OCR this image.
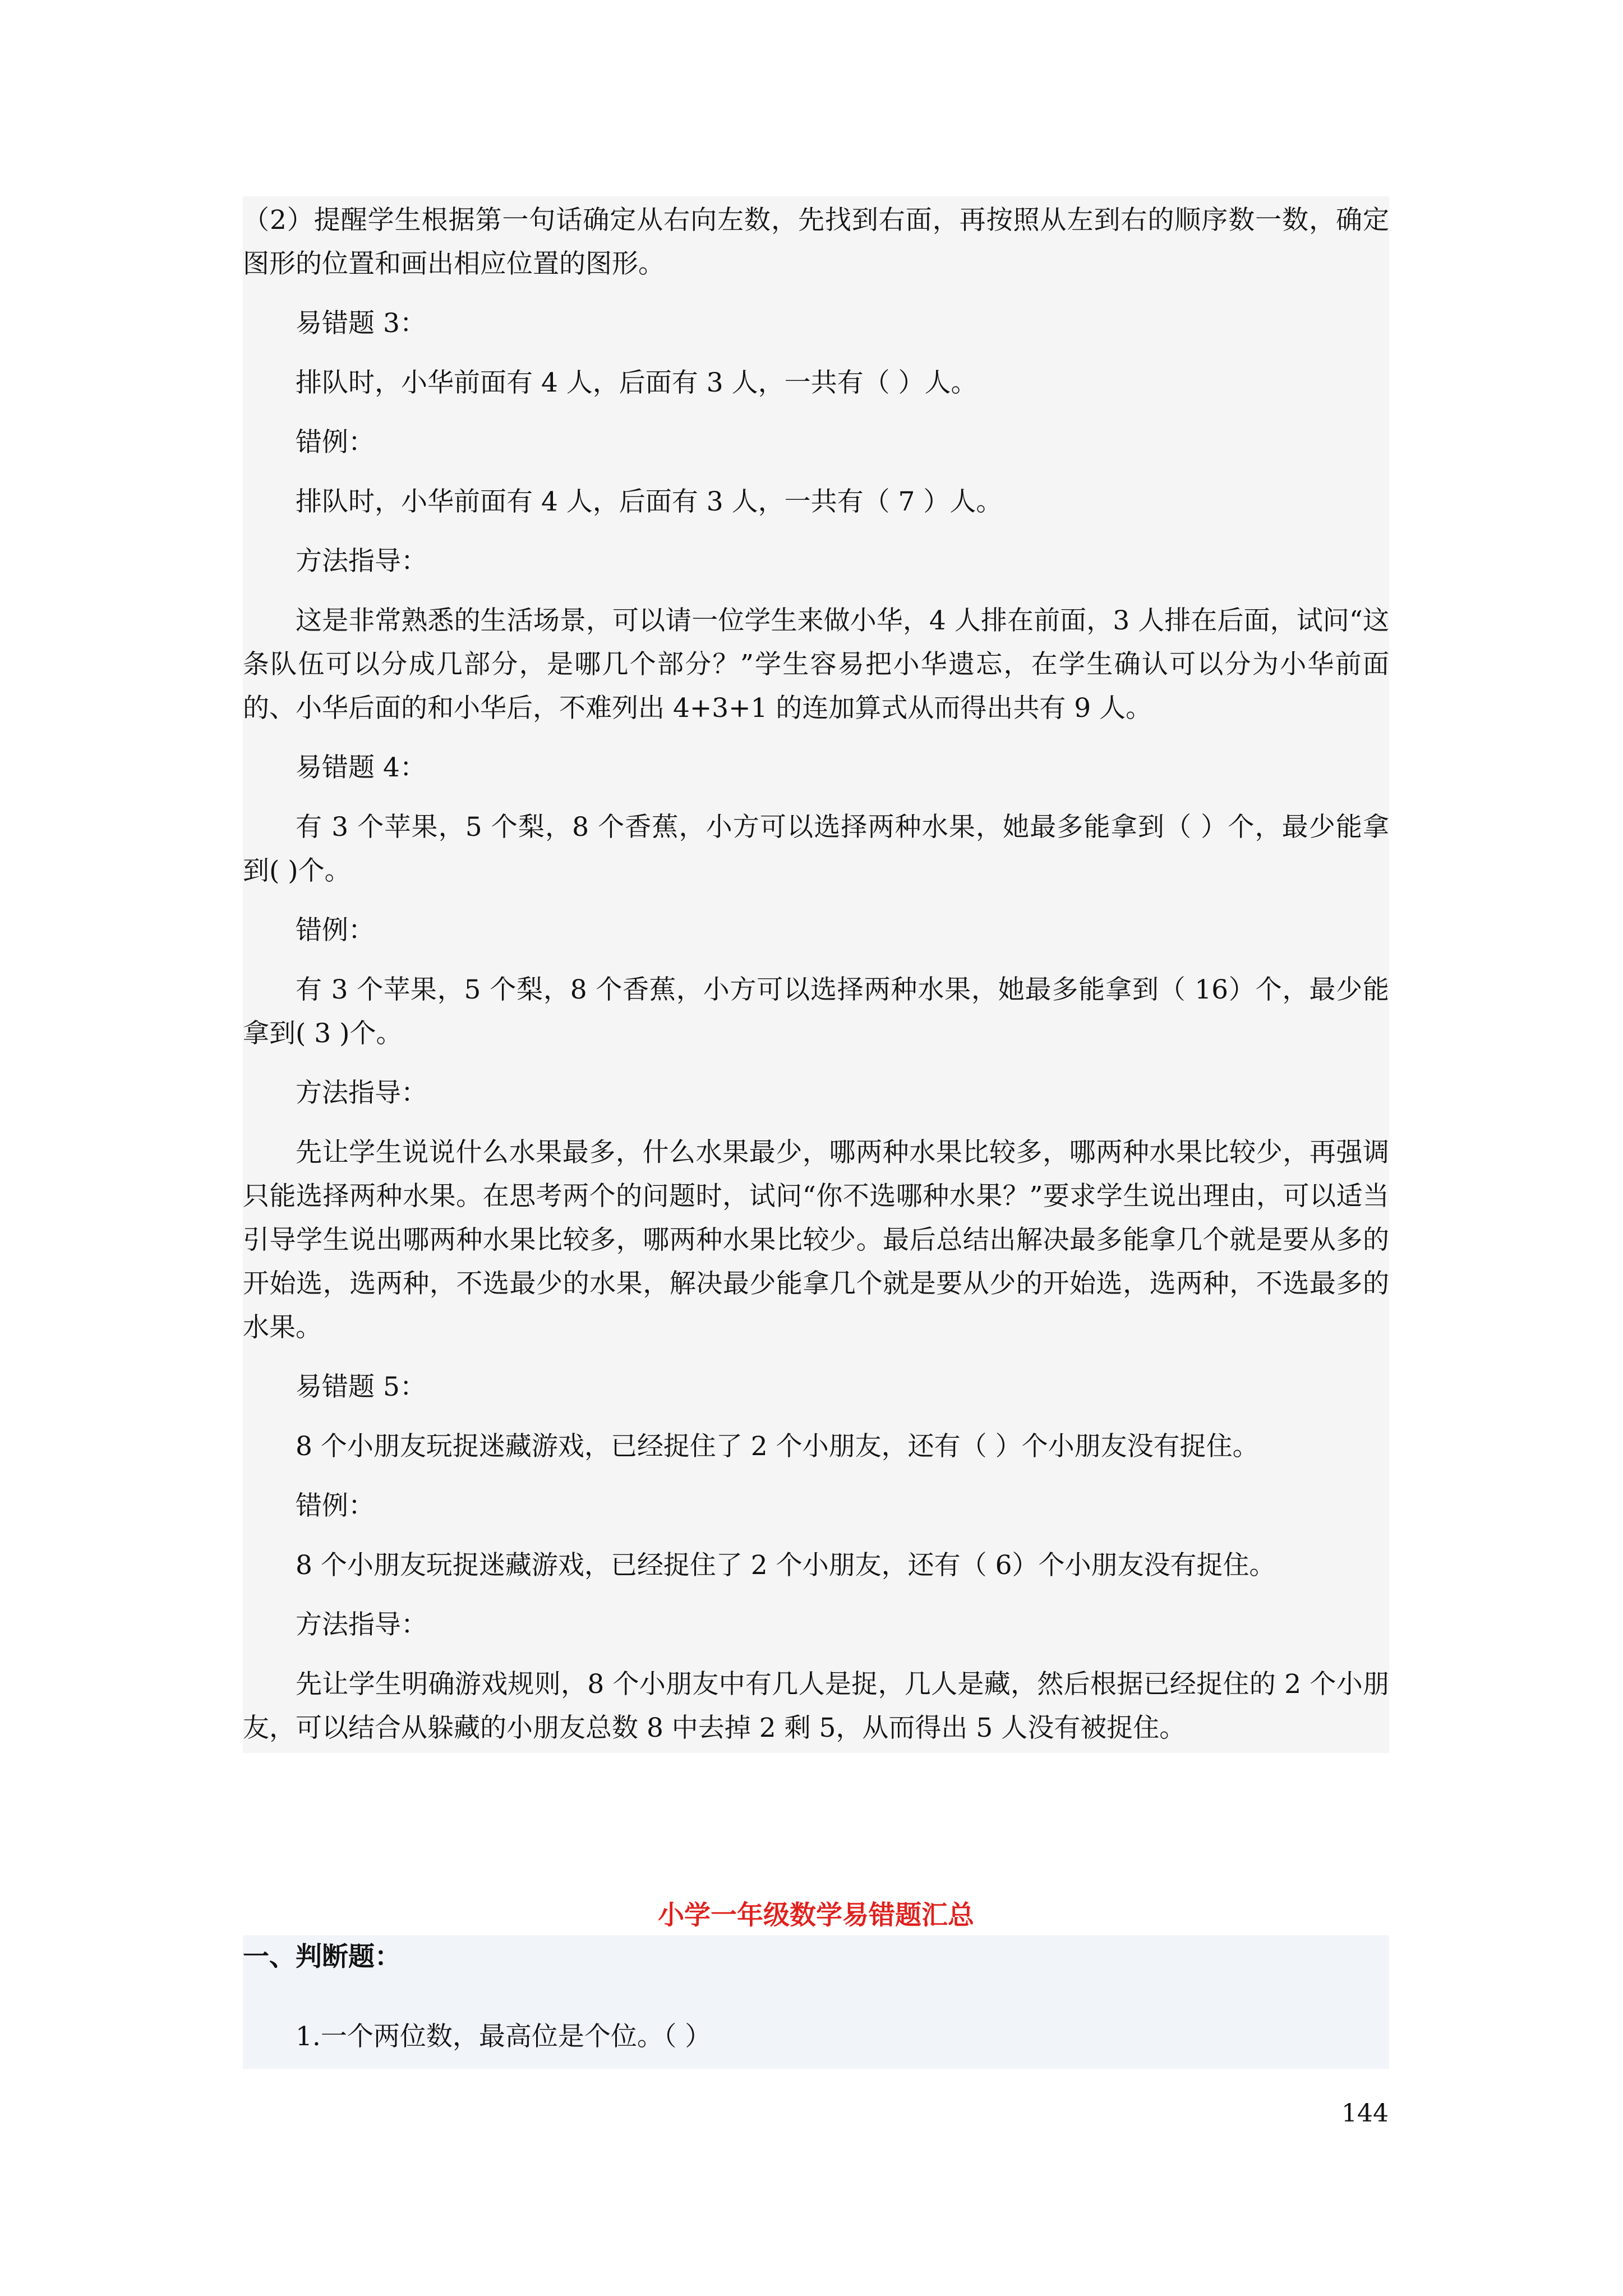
（2）提醒学生根据第一句话确定从右向左数，先找到右面，再按照从左到右的顺序数一数，确定图形的位置和画出相应位置的图形。
易错题 3：
排队时，小华前面有 4 人，后面有 3 人，一共有（ ）人。
错例：
排队时，小华前面有 4 人，后面有 3 人，一共有（ 7 ）人。
方法指导：
这是非常熟悉的生活场景，可以请一位学生来做小华，4 人排在前面，3 人排在后面，试问“这条队伍可以分成几部分，是哪几个部分？”学生容易把小华遗忘，在学生确认可以分为小华前面的、小华后面的和小华后，不难列出 4+3+1 的连加算式从而得出共有 9 人。
易错题 4：
有 3 个苹果，5 个梨，8 个香蕉，小方可以选择两种水果，她最多能拿到（ ）个，最少能拿到( )个。
错例：
有 3 个苹果，5 个梨，8 个香蕉，小方可以选择两种水果，她最多能拿到（ 16）个，最少能拿到( 3 )个。
方法指导：
先让学生说说什么水果最多，什么水果最少，哪两种水果比较多，哪两种水果比较少，再强调只能选择两种水果。在思考两个的问题时，试问“你不选哪种水果？”要求学生说出理由，可以适当引导学生说出哪两种水果比较多，哪两种水果比较少。最后总结出解决最多能拿几个就是要从多的开始选，选两种，不选最少的水果，解决最少能拿几个就是要从少的开始选，选两种，不选最多的水果。
易错题 5：
8 个小朋友玩捉迷藏游戏，已经捉住了 2 个小朋友，还有（ ）个小朋友没有捉住。
错例：
8 个小朋友玩捉迷藏游戏，已经捉住了 2 个小朋友，还有（ 6）个小朋友没有捉住。
方法指导：
先让学生明确游戏规则，8 个小朋友中有几人是捉，几人是藏，然后根据已经捉住的 2 个小朋友，可以结合从躲藏的小朋友总数 8 中去掉 2 剩 5，从而得出 5 人没有被捉住。
小学一年级数学易错题汇总
一、判断题：
1.一个两位数，最高位是个位。（ ）
144
